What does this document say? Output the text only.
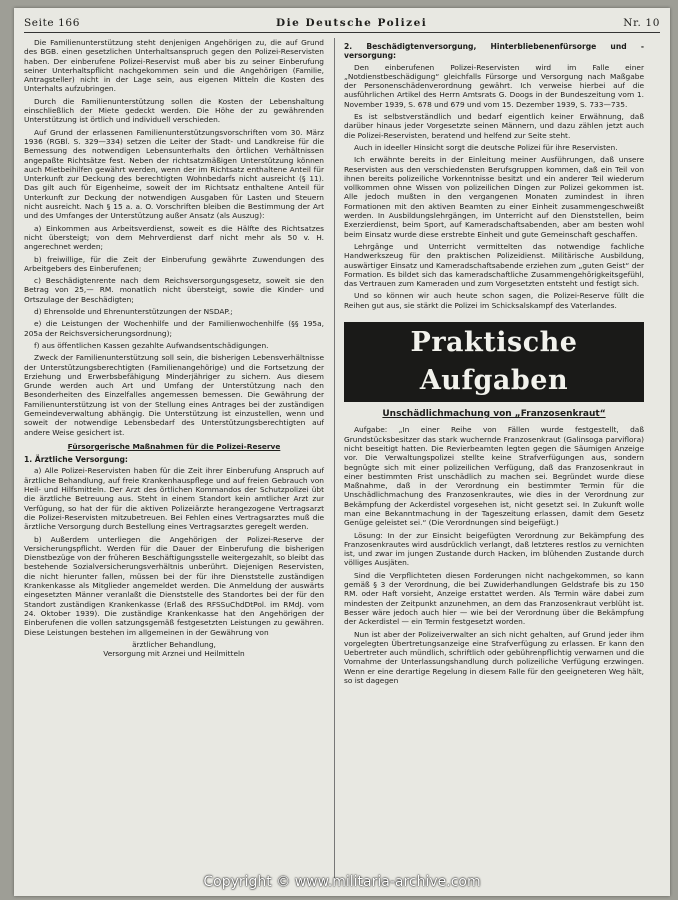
Seite 166	Die Deutsche Polizei	Nr. 10

Die Familienunterstützung steht denjenigen Angehörigen zu, die auf Grund des BGB. einen gesetzlichen Unterhaltsanspruch gegen den Polizei-Reservisten haben. Der einberufene Polizei-Reservist muß aber bis zu seiner Einberufung seiner Unterhaltspflicht nachgekommen sein und die Angehörigen (Familie, Antragsteller) nicht in der Lage sein, aus eigenen Mitteln die Kosten des Unterhalts aufzubringen.

Durch die Familienunterstützung sollen die Kosten der Lebenshaltung einschließlich der Miete gedeckt werden. Die Höhe der zu gewährenden Unterstützung ist örtlich und individuell verschieden.

Auf Grund der erlassenen Familienunterstützungsvorschriften vom 30. März 1936 (RGBl. S. 329—334) setzen die Leiter der Stadt- und Landkreise für die Bemessung des notwendigen Lebensunterhalts den örtlichen Verhältnissen angepaßte Richtsätze fest. Neben der richtsatzmäßigen Unterstützung können auch Mietbeihilfen gewährt werden, wenn der im Richtsatz enthaltene Anteil für Unterkunft zur Deckung des berechtigten Wohnbedarfs nicht ausreicht (§ 11). Das gilt auch für Eigenheime, soweit der im Richtsatz enthaltene Anteil für Unterkunft zur Deckung der notwendigen Ausgaben für Lasten und Steuern nicht ausreicht. Nach § 15 a. a. O. Vorschriften bleiben die Bestimmung der Art und des Umfanges der Unterstützung außer Ansatz (als Auszug):

a) Einkommen aus Arbeitsverdienst, soweit es die Hälfte des Richtsatzes nicht übersteigt; von dem Mehrverdienst darf nicht mehr als 50 v. H. angerechnet werden;

b) freiwillige, für die Zeit der Einberufung gewährte Zuwendungen des Arbeitgebers des Einberufenen;

c) Beschädigtenrente nach dem Reichsversorgungsgesetz, soweit sie den Betrag von 25,— RM. monatlich nicht übersteigt, sowie die Kinder- und Ortszulage der Beschädigten;

d) Ehrensolde und Ehrenunterstützungen der NSDAP.;

e) die Leistungen der Wochenhilfe und der Familienwochenhilfe (§§ 195a, 205a der Reichsversicherungsordnung);

f) aus öffentlichen Kassen gezahlte Aufwandsentschädigungen.

Zweck der Familienunterstützung soll sein, die bisherigen Lebensverhältnisse der Unterstützungsberechtigten (Familienangehörige) und die Fortsetzung der Erziehung und Erwerbsbefähigung Minderjähriger zu sichern. Aus diesem Grunde werden auch Art und Umfang der Unterstützung nach den Besonderheiten des Einzelfalles angemessen bemessen. Die Gewährung der Familienunterstützung ist von der Stellung eines Antrages bei der zuständigen Gemeindeverwaltung abhängig. Die Unterstützung ist einzustellen, wenn und soweit der notwendige Lebensbedarf des Unterstützungsberechtigten auf andere Weise gesichert ist.

Fürsorgerische Maßnahmen für die Polizei-Reserve

1. Ärztliche Versorgung:

a) Alle Polizei-Reservisten haben für die Zeit ihrer Einberufung Anspruch auf ärztliche Behandlung, auf freie Krankenhauspflege und auf freien Gebrauch von Heil- und Hilfsmitteln. Der Arzt des örtlichen Kommandos der Schutzpolizei übt die ärztliche Betreuung aus. Steht in einem Standort kein amtlicher Arzt zur Verfügung, so hat der für die aktiven Polizeiärzte herangezogene Vertragsarzt die Polizei-Reservisten mitzubetreuen. Bei Fehlen eines Vertragsarztes muß die ärztliche Versorgung durch Bestellung eines Vertragsarztes geregelt werden.

b) Außerdem unterliegen die Angehörigen der Polizei-Reserve der Versicherungspflicht. Werden für die Dauer der Einberufung die bisherigen Dienstbezüge von der früheren Beschäftigungsstelle weitergezahlt, so bleibt das bestehende Sozialversicherungsverhältnis unberührt. Diejenigen Reservisten, die nicht hierunter fallen, müssen bei der für ihre Dienststelle zuständigen Krankenkasse als Mitglieder angemeldet werden. Die Anmeldung der auswärts eingesetzten Männer veranlaßt die Dienststelle des Standortes bei der für den Standort zuständigen Krankenkasse (Erlaß des RFSSuChdDtPol. im RMdJ. vom 24. Oktober 1939). Die zuständige Krankenkasse hat den Angehörigen der Einberufenen die vollen satzungsgemäß festgesetzten Leistungen zu gewähren. Diese Leistungen bestehen im allgemeinen in der Gewährung von

ärztlicher Behandlung,

Versorgung mit Arznei und Heilmitteln

2. Beschädigtenversorgung, Hinterbliebenenfürsorge und -versorgung:

Den einberufenen Polizei-Reservisten wird im Falle einer „Notdienstbeschädigung“ gleichfalls Fürsorge und Versorgung nach Maßgabe der Personenschädenverordnung gewährt. Ich verweise hierbei auf die ausführlichen Artikel des Herrn Amtsrats G. Doogs in der Bundeszeitung vom 1. November 1939, S. 678 und 679 und vom 15. Dezember 1939, S. 733—735.

Es ist selbstverständlich und bedarf eigentlich keiner Erwähnung, daß darüber hinaus jeder Vorgesetzte seinen Männern, und dazu zählen jetzt auch die Polizei-Reservisten, beratend und helfend zur Seite steht.

Auch in ideeller Hinsicht sorgt die deutsche Polizei für ihre Reservisten.

Ich erwähnte bereits in der Einleitung meiner Ausführungen, daß unsere Reservisten aus den verschiedensten Berufsgruppen kommen, daß ein Teil von ihnen bereits polizeiliche Vorkenntnisse besitzt und ein anderer Teil wiederum vollkommen ohne Wissen von polizeilichen Dingen zur Polizei gekommen ist. Alle jedoch mußten in den vergangenen Monaten zumindest in ihren Formationen mit den aktiven Beamten zu einer Einheit zusammengeschweißt werden. In Ausbildungslehrgängen, im Unterricht auf den Dienststellen, beim Exerzierdienst, beim Sport, auf Kameradschaftsabenden, aber am besten wohl beim Einsatz wurde diese erstrebte Einheit und gute Gemeinschaft geschaffen.

Lehrgänge und Unterricht vermittelten das notwendige fachliche Handwerkszeug für den praktischen Polizeidienst. Militärische Ausbildung, auswärtiger Einsatz und Kameradschaftsabende erziehen zum „guten Geist“ der Formation. Es bildet sich das kameradschaftliche Zusammengehörigkeitsgefühl, das Vertrauen zum Kameraden und zum Vorgesetzten entsteht und festigt sich.

Und so können wir auch heute schon sagen, die Polizei-Reserve füllt die Reihen gut aus, sie stärkt die Polizei im Schicksalskampf des Vaterlandes.

Praktische Aufgaben
Unschädlichmachung von „Franzosenkraut“

Aufgabe: „In einer Reihe von Fällen wurde festgestellt, daß Grundstücksbesitzer das stark wuchernde Franzosenkraut (Galinsoga parviflora) nicht beseitigt hatten. Die Revierbeamten legten gegen die Säumigen Anzeige vor. Die Verwaltungspolizei stellte keine Strafverfügungen aus, sondern begnügte sich mit einer polizeilichen Verfügung, daß das Franzosenkraut in einer bestimmten Frist unschädlich zu machen sei. Begründet wurde diese Maßnahme, daß in der Verordnung ein bestimmter Termin für die Unschädlichmachung des Franzosenkrautes, wie dies in der Verordnung zur Bekämpfung der Ackerdistel vorgesehen ist, nicht gesetzt sei. In Zukunft wolle man eine Bekanntmachung in der Tageszeitung erlassen, damit dem Gesetz Genüge geleistet sei.“ (Die Verordnungen sind beigefügt.)

Lösung: In der zur Einsicht beigefügten Verordnung zur Bekämpfung des Franzosenkrautes wird ausdrücklich verlangt, daß letzteres restlos zu vernichten ist, und zwar im jungen Zustande durch Hacken, im blühenden Zustande durch völliges Ausjäten.

Sind die Verpflichteten diesen Forderungen nicht nachgekommen, so kann gemäß § 3 der Verordnung, die bei Zuwiderhandlungen Geldstrafe bis zu 150 RM. oder Haft vorsieht, Anzeige erstattet werden. Als Termin wäre dabei zum mindesten der Zeitpunkt anzunehmen, an dem das Franzosenkraut verblüht ist. Besser wäre jedoch auch hier — wie bei der Verordnung über die Bekämpfung der Ackerdistel — ein Termin festgesetzt worden.

Nun ist aber der Polizeiverwalter an sich nicht gehalten, auf Grund jeder ihm vorgelegten Übertretungsanzeige eine Strafverfügung zu erlassen. Er kann den Uebertreter auch mündlich, schriftlich oder gebührenpflichtig verwarnen und die Vornahme der Unterlassungshandlung durch polizeiliche Verfügung erzwingen. Wenn er eine derartige Regelung in diesem Falle für den geeigneteren Weg hält, so ist dagegen

Copyright © www.militaria-archive.com
